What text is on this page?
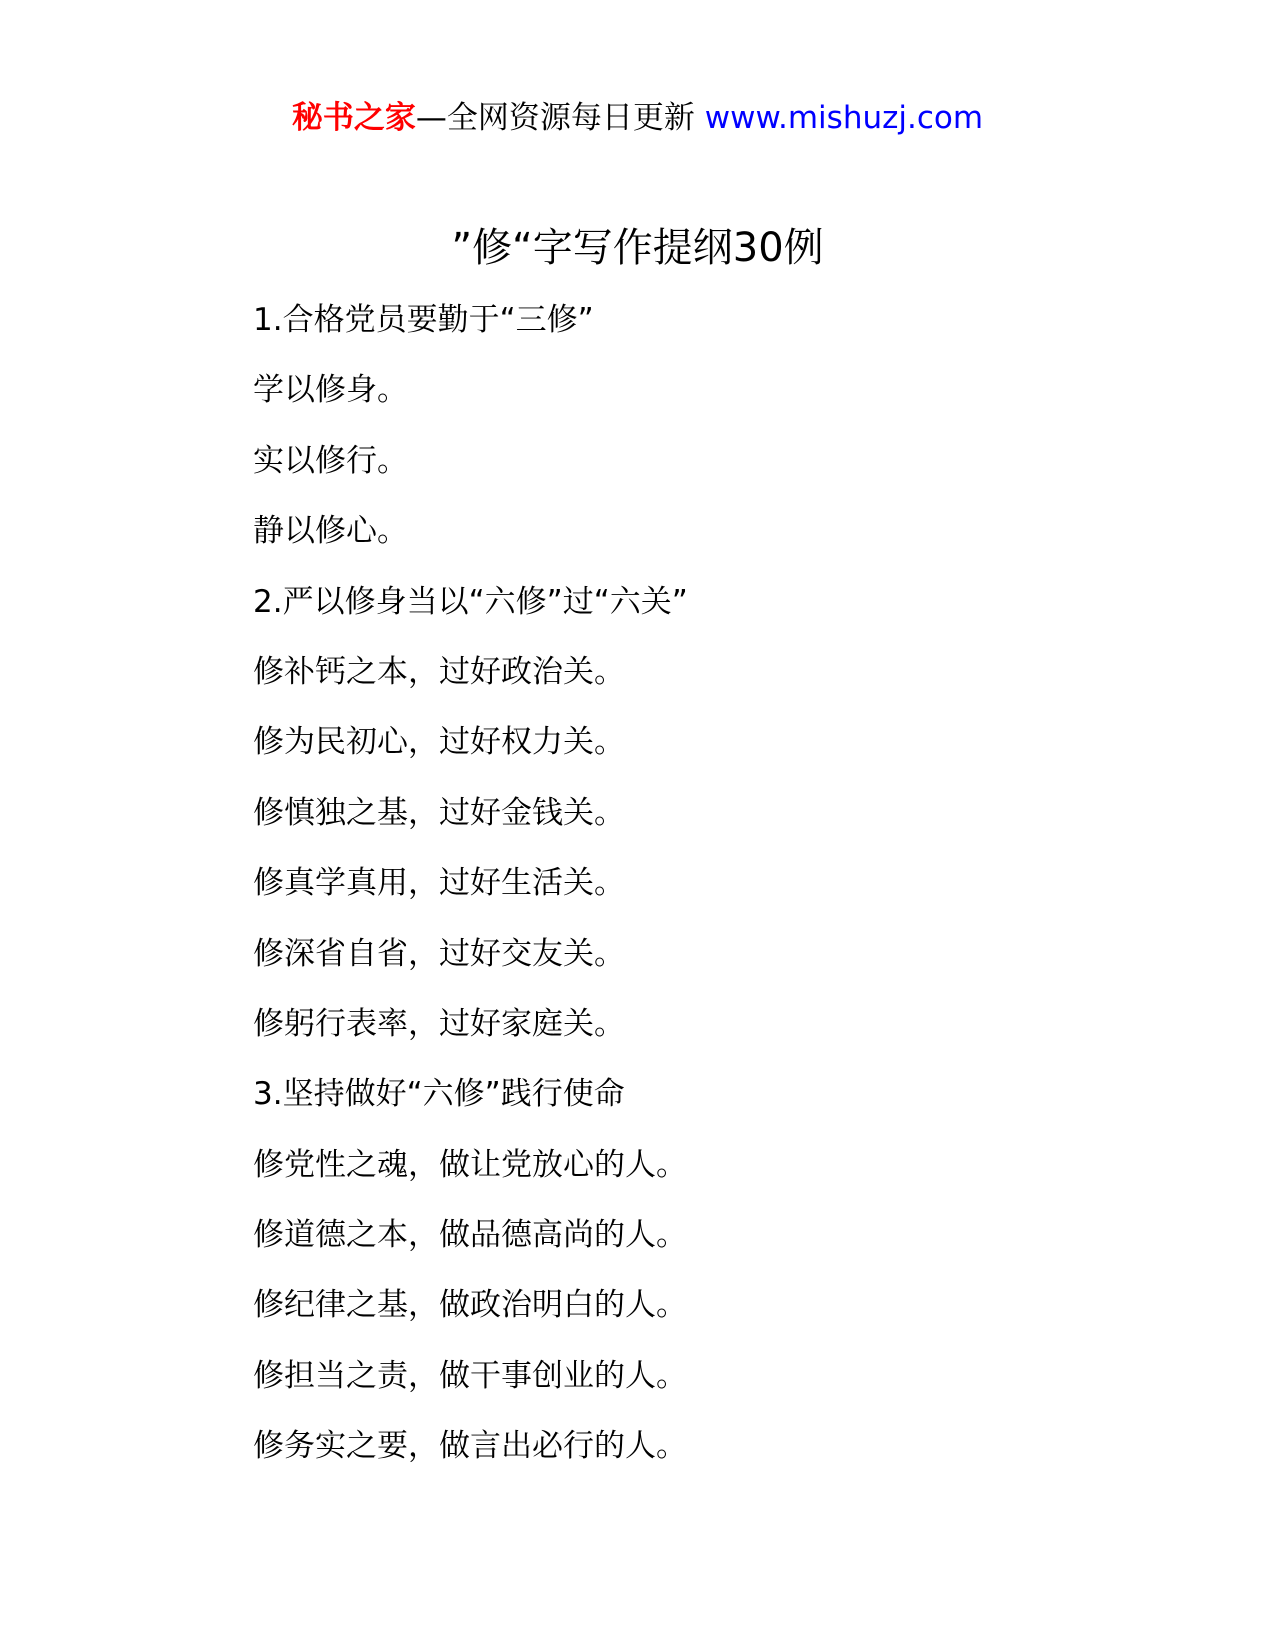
秘书之家—全网资源每日更新 www.mishuzj.com
”修“字写作提纲30例
1.合格党员要勤于“三修”
学以修身。
实以修行。
静以修心。
2.严以修身当以“六修”过“六关”
修补钙之本，过好政治关。
修为民初心，过好权力关。
修慎独之基，过好金钱关。
修真学真用，过好生活关。
修深省自省，过好交友关。
修躬行表率，过好家庭关。
3.坚持做好“六修”践行使命
修党性之魂，做让党放心的人。
修道德之本，做品德高尚的人。
修纪律之基，做政治明白的人。
修担当之责，做干事创业的人。
修务实之要，做言出必行的人。
